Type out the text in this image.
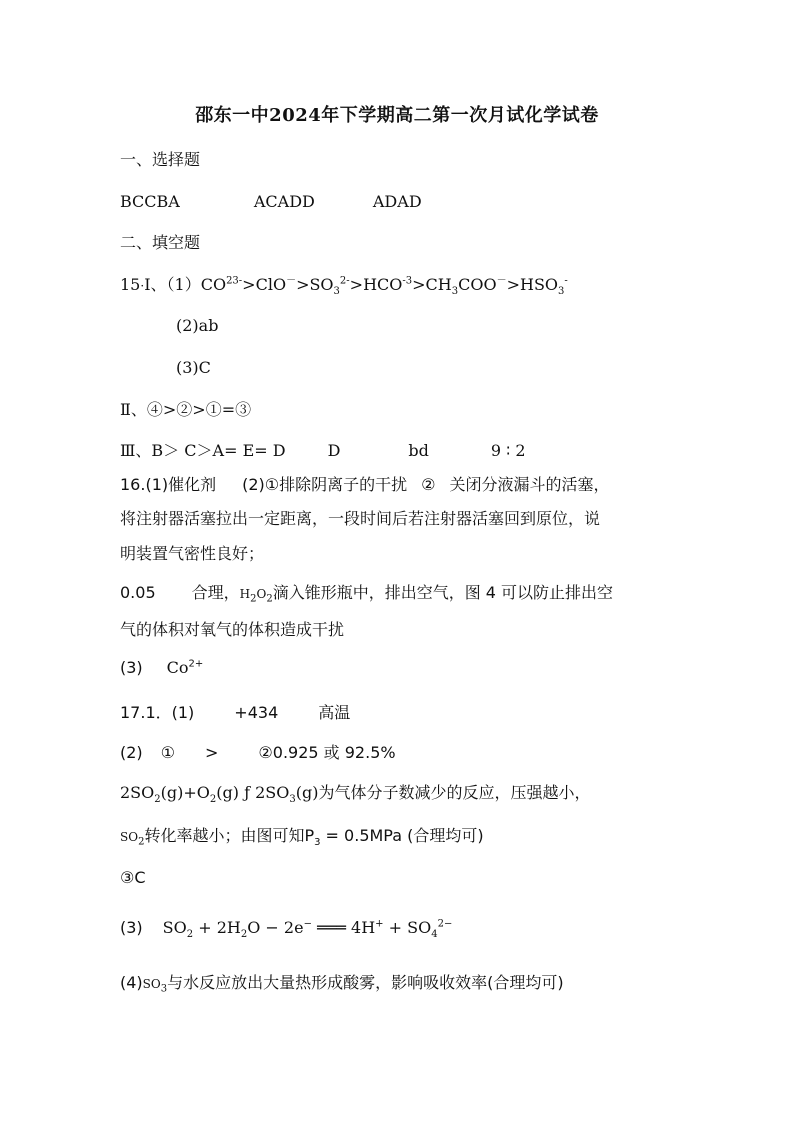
邵东一中2024年下学期高二第一次月试化学试卷
一、选择题
BCCBA	ACADD	ADAD
二、填空题
15·Ⅰ、$(1)CO^{23-}>ClO^->SO_3^{2-}>HCO^{-3}>CH_3COO^->HSO_3^-$
(2)ab
(3)C
Ⅱ、④>②>①=③
Ⅲ、B＞ C＞A= E= D	D	bd	9 ∶ 2
16.(1)催化剂 (2)①排除阴离子的干扰 ② 关闭分液漏斗的活塞，
将注射器活塞拉出一定距离，一段时间后若注射器活塞回到原位，说
明装置气密性良好；
0.05 合理，$H_2O_2$滴入锥形瓶中，排出空气，图 4 可以防止排出空
气的体积对氧气的体积造成干扰
(3) $Co^{2+}$
17.1．(1)	+434	高温
(2) ① >	②0.925 或 92.5%
$2SO_2(g)+O_2(g)$ ƒ $2SO_3(g)$为气体分子数减少的反应，压强越小，
$SO_2$转化率越小；由图可知$P_3 = 0.5MPa$ (合理均可)
③C
(3) $SO_2 + 2H_2O - 2e^-$ ═══ $4H^+ + SO_4^{2-}$
$(4)SO_3$与水反应放出大量热形成酸雾，影响吸收效率(合理均可)
